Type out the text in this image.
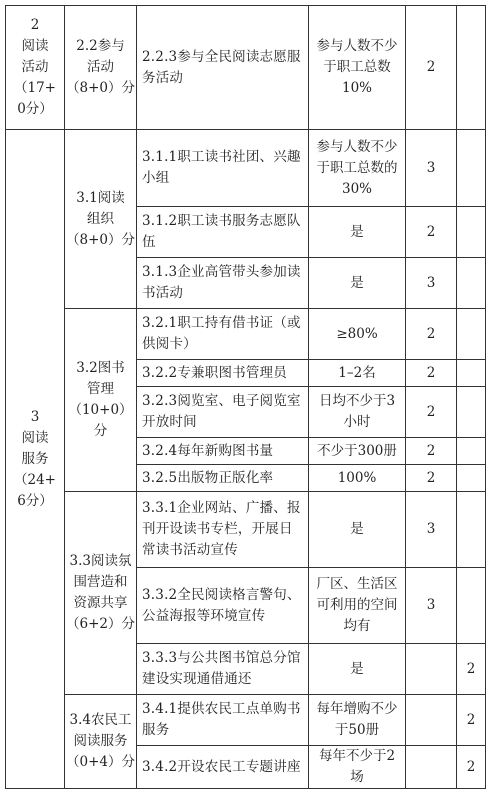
2
阅读
活动
（17+
0分）	2.2参与
活动
（8+0）分	2.2.3参与全民阅读志愿服务活动	参与人数不少于职工总数10%	2	
3
阅读
服务
（24+
6分）	3.1阅读
组织
（8+0）分	3.1.1职工读书社团、兴趣小组	参与人数不少于职工总数的30%	3	
		3.1.2职工读书服务志愿队伍	是	2	
		3.1.3企业高管带头参加读书活动	是	3	
	3.2图书
管理
（10+0）分	3.2.1职工持有借书证（或供阅卡）	≥80%	2	
		3.2.2专兼职图书管理员	1–2名	2	
		3.2.3阅览室、电子阅览室开放时间	日均不少于3小时	2	
		3.2.4每年新购图书量	不少于300册	2	
		3.2.5出版物正版化率	100%	2	
	3.3阅读氛
围营造和
资源共享
（6+2）分	3.3.1企业网站、广播、报刊开设读书专栏，开展日常读书活动宣传	是	3	
		3.3.2全民阅读格言警句、公益海报等环境宣传	厂区、生活区可利用的空间均有	3	
		3.3.3与公共图书馆总分馆建设实现通借通还	是		2
	3.4农民工
阅读服务
（0+4）分	3.4.1提供农民工点单购书服务	每年增购不少于50册		2
		3.4.2开设农民工专题讲座	每年不少于2场		2
